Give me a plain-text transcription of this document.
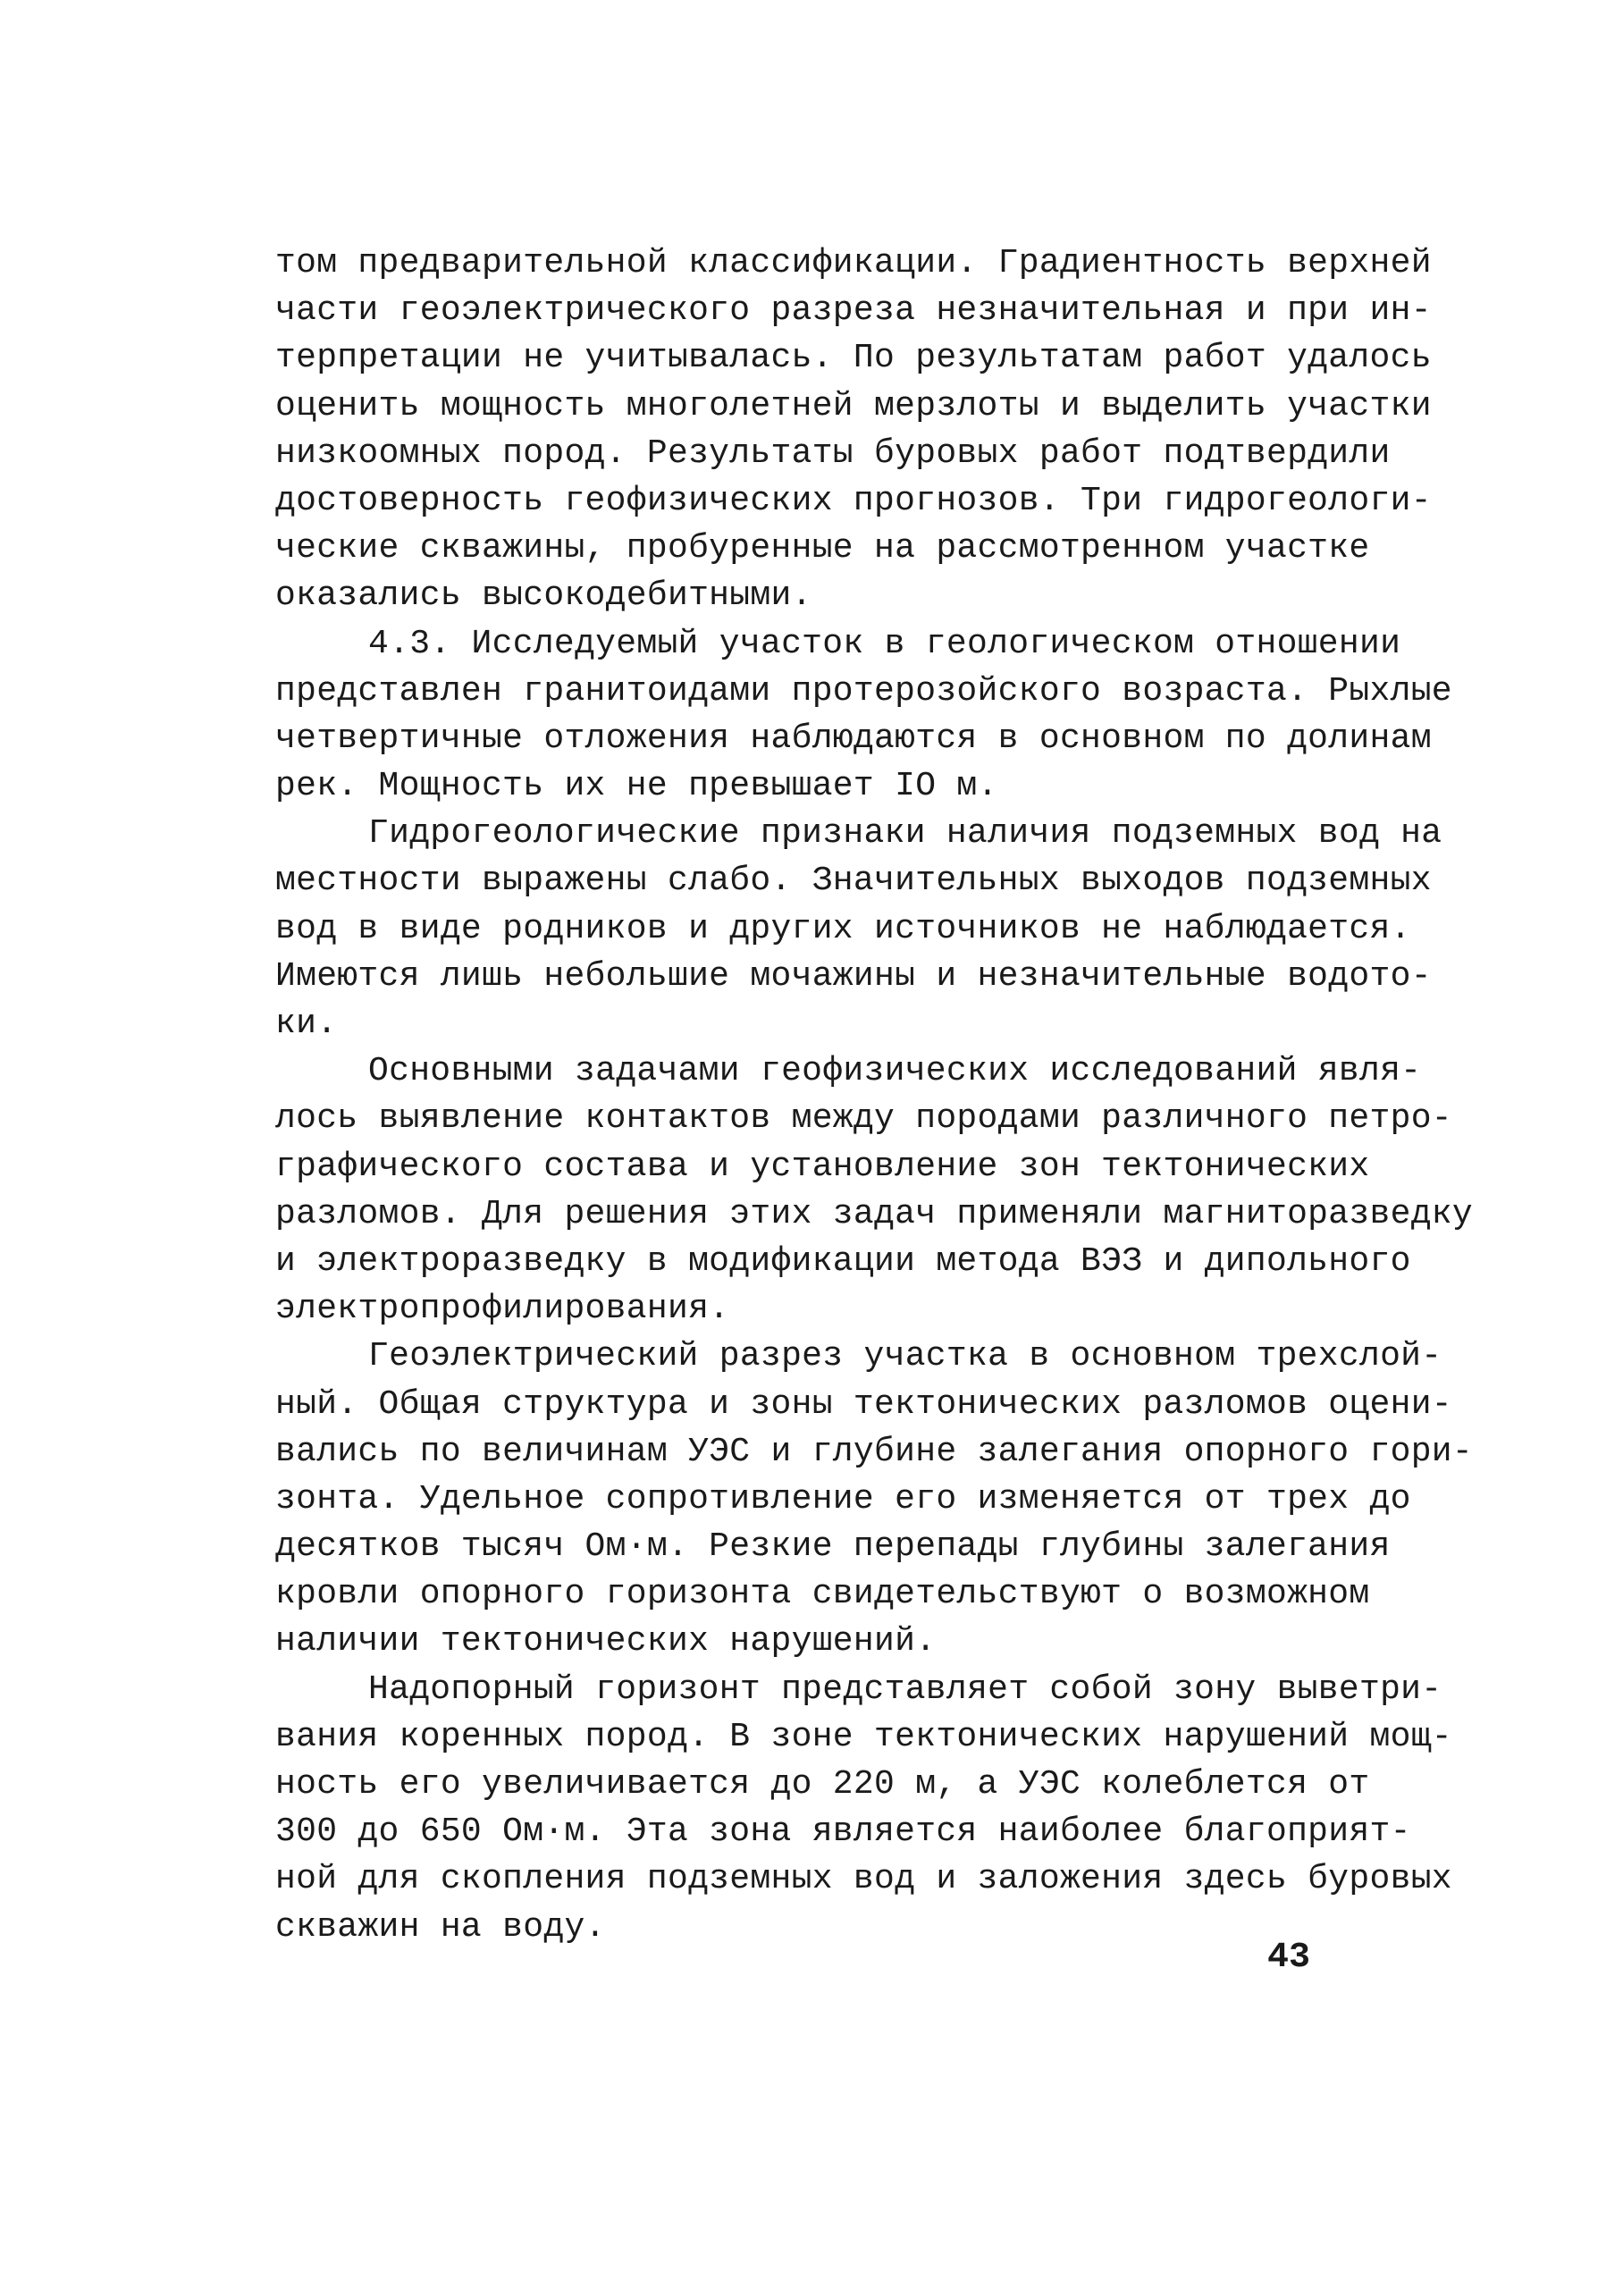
том предварительной классификации. Градиентность верхней
части геоэлектрического разреза незначительная и при ин-
терпретации не учитывалась. По результатам работ удалось
оценить мощность многолетней мерзлоты и выделить участки
низкоомных пород. Результаты буровых работ подтвердили
достоверность геофизических прогнозов. Три гидрогеологи-
ческие скважины, пробуренные на рассмотренном участке
оказались высокодебитными.
4.3. Исследуемый участок в геологическом отношении
представлен гранитоидами протерозойского возраста. Рыхлые
четвертичные отложения наблюдаются в основном по долинам
рек. Мощность их не превышает IO м.
Гидрогеологические признаки наличия подземных вод на
местности выражены слабо. Значительных выходов подземных
вод в виде родников и других источников не наблюдается.
Имеются лишь небольшие мочажины и незначительные водото-
ки.
Основными задачами геофизических исследований явля-
лось выявление контактов между породами различного петро-
графического состава и установление зон тектонических
разломов. Для решения этих задач применяли магниторазведку
и электроразведку в модификации метода ВЭЗ и дипольного
электропрофилирования.
Геоэлектрический разрез участка в основном трехслой-
ный. Общая структура и зоны тектонических разломов оцени-
вались по величинам УЭС и глубине залегания опорного гори-
зонта. Удельное сопротивление его изменяется от трех до
десятков тысяч Ом·м. Резкие перепады глубины залегания
кровли опорного горизонта свидетельствуют о возможном
наличии тектонических нарушений.
Надопорный горизонт представляет собой зону выветри-
вания коренных пород. В зоне тектонических нарушений мощ-
ность его увеличивается до 220 м, а УЭС колеблется от
300 до 650 Ом·м. Эта зона является наиболее благоприят-
ной для скопления подземных вод и заложения здесь буровых
скважин на воду.
43
